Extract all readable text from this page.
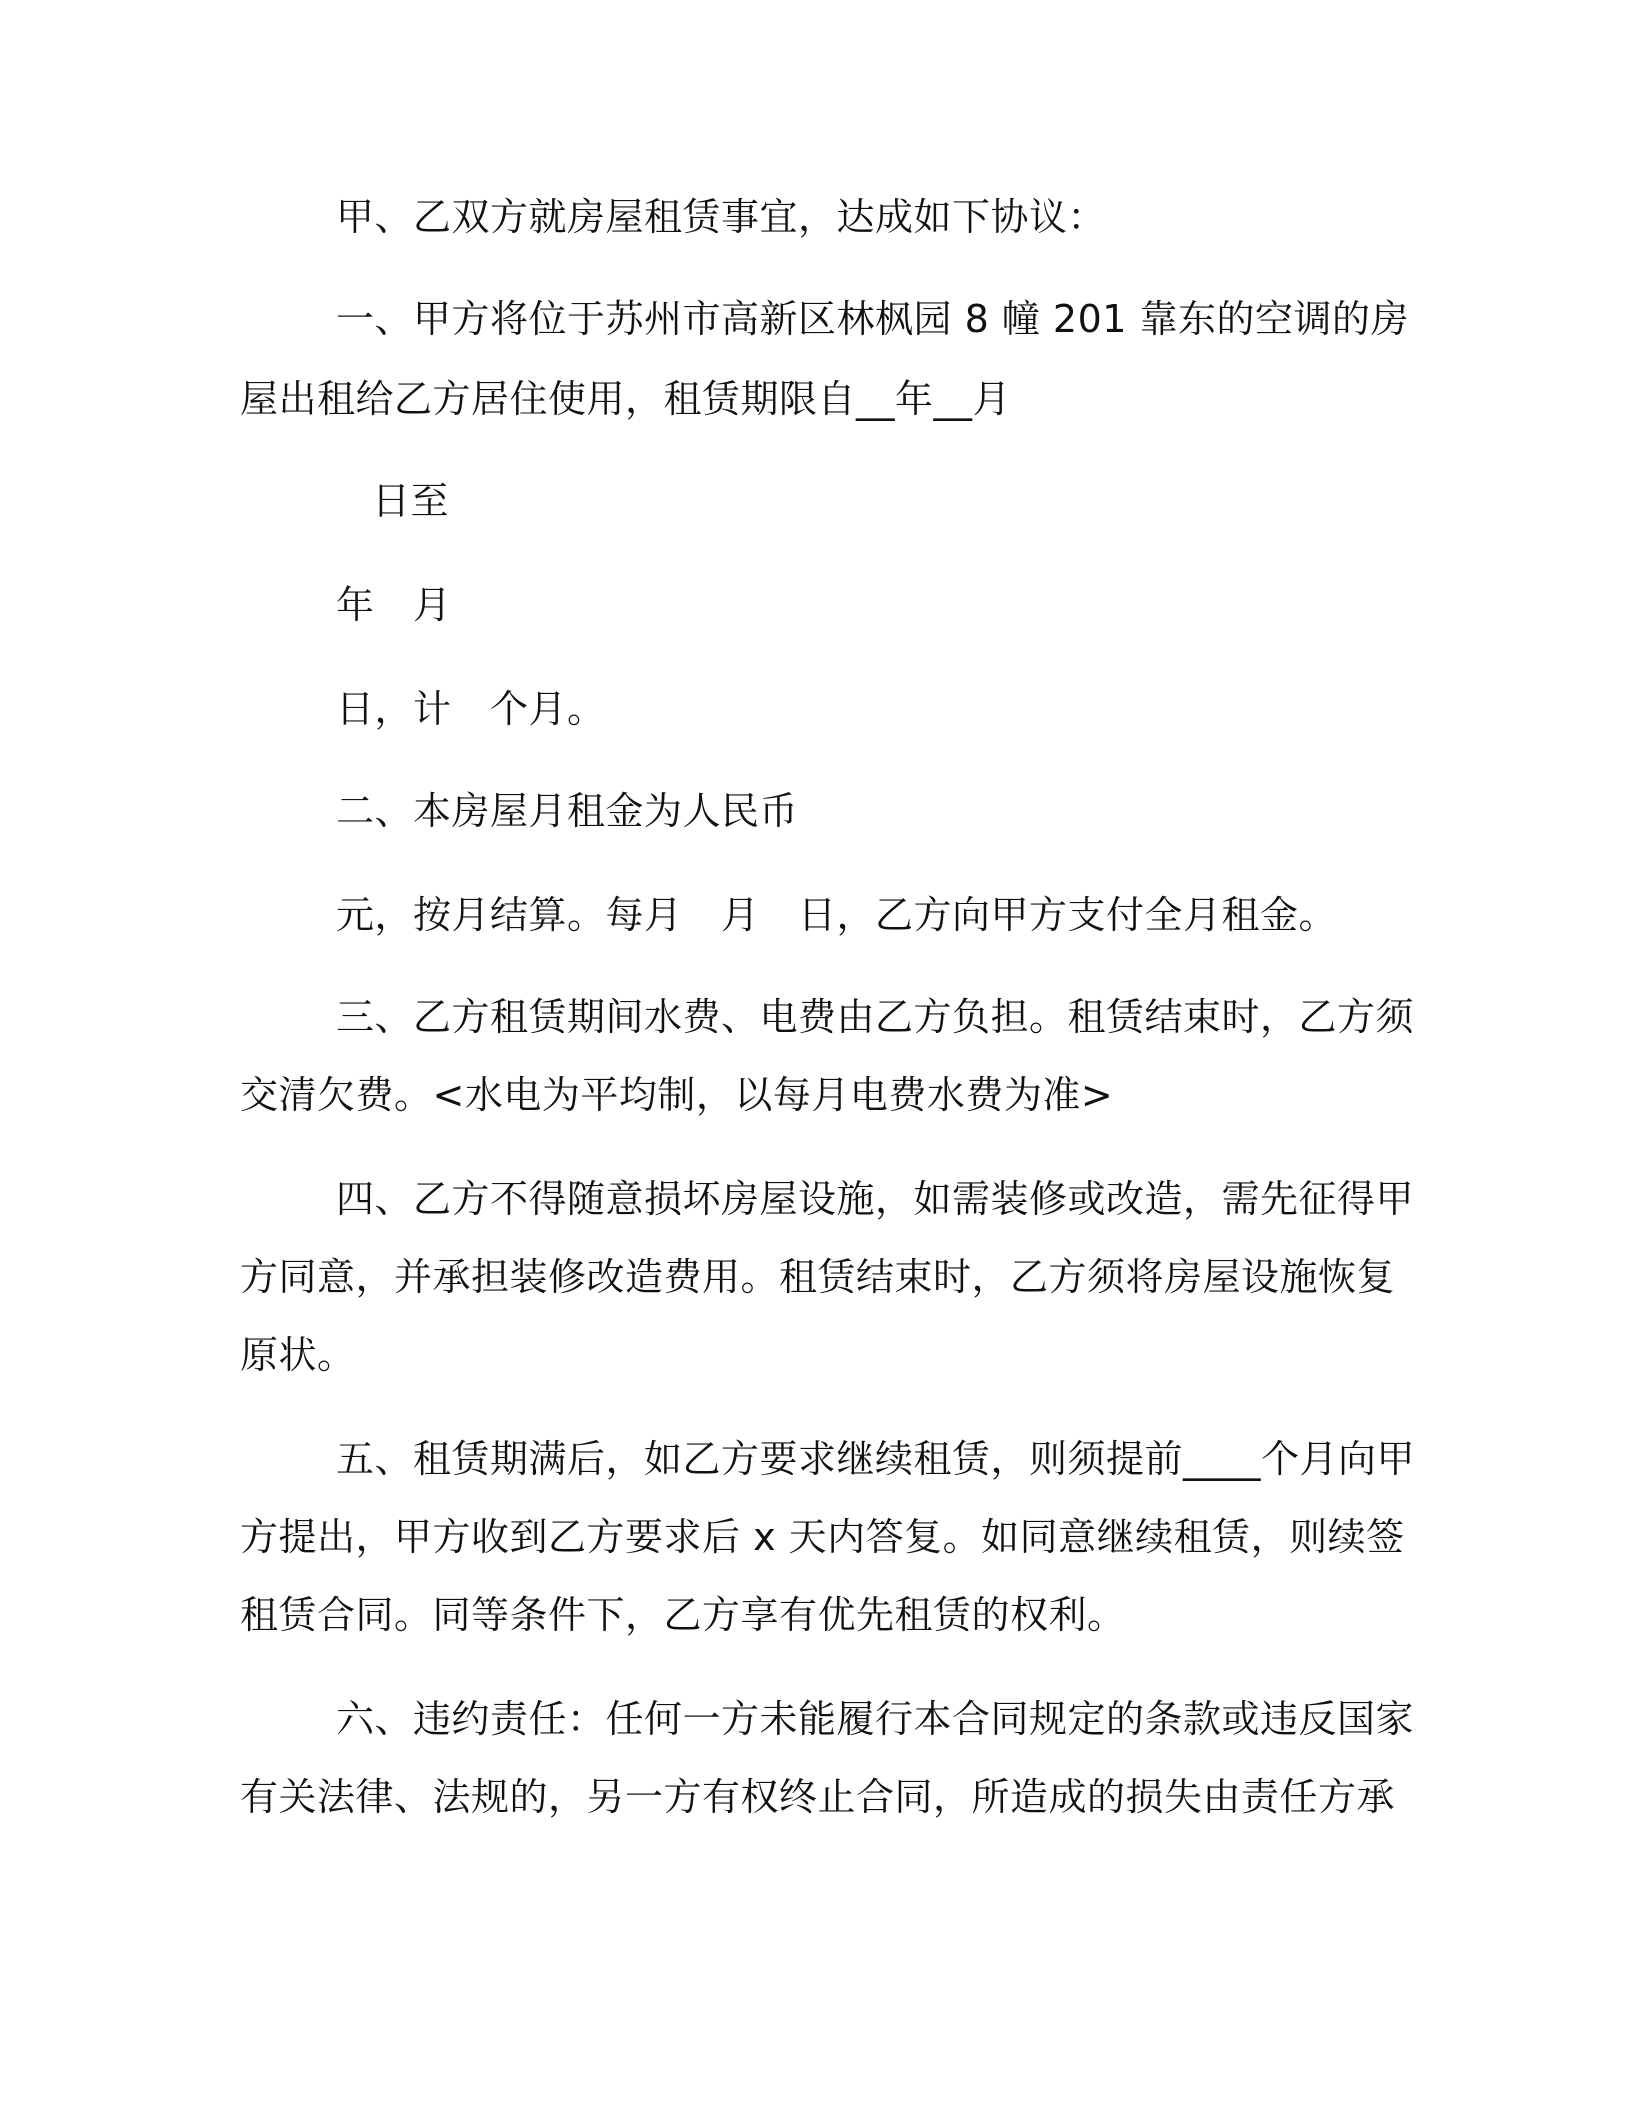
甲、乙双方就房屋租赁事宜，达成如下协议：
一、甲方将位于苏州市高新区林枫园 8 幢 201 靠东的空调的房
屋出租给乙方居住使用，租赁期限自__年__月
日至
年　月
日，计　个月。
二、本房屋月租金为人民币
元，按月结算。每月　月　日，乙方向甲方支付全月租金。
三、乙方租赁期间水费、电费由乙方负担。租赁结束时，乙方须
交清欠费。<水电为平均制，以每月电费水费为准>
四、乙方不得随意损坏房屋设施，如需装修或改造，需先征得甲
方同意，并承担装修改造费用。租赁结束时，乙方须将房屋设施恢复
原状。
五、租赁期满后，如乙方要求继续租赁，则须提前____个月向甲
方提出，甲方收到乙方要求后 x 天内答复。如同意继续租赁，则续签
租赁合同。同等条件下，乙方享有优先租赁的权利。
六、违约责任：任何一方未能履行本合同规定的条款或违反国家
有关法律、法规的，另一方有权终止合同，所造成的损失由责任方承
